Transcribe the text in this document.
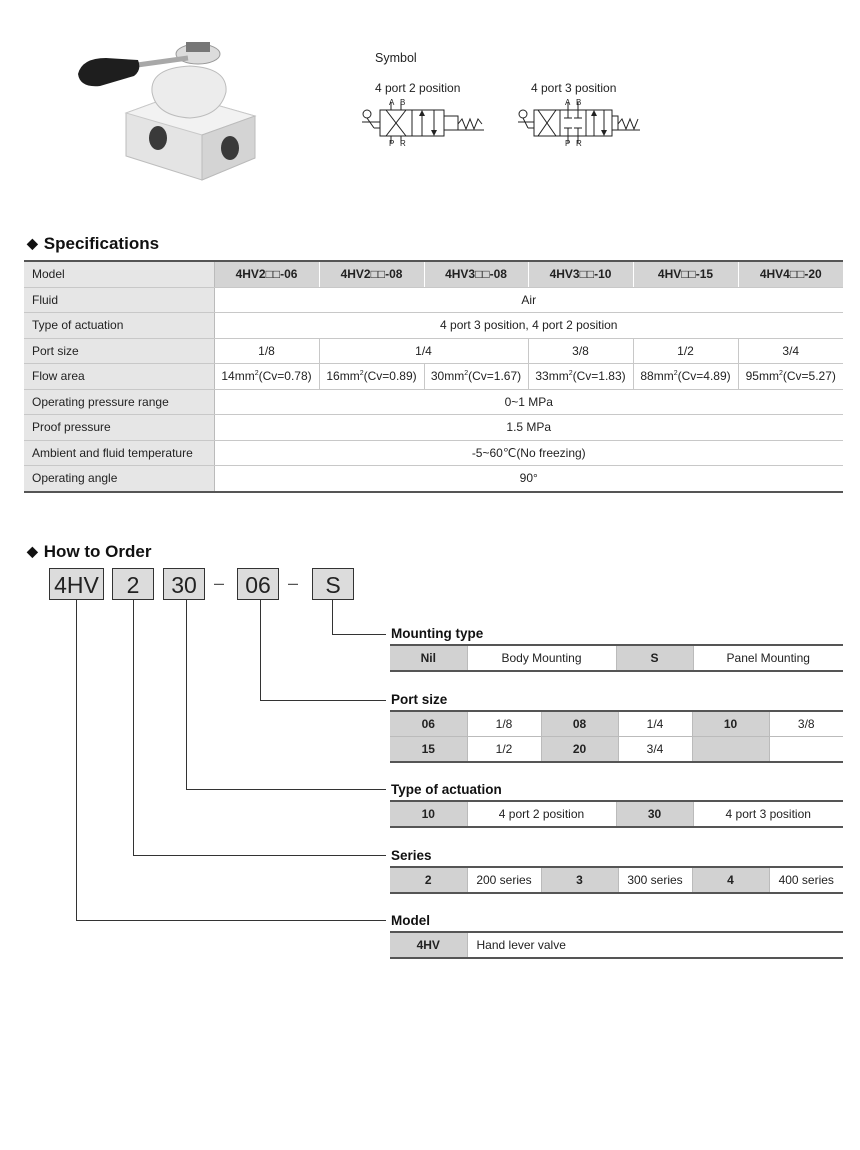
Symbol
4 port 2 position	4 port 3 position
A B
P R
A B
P R
◆ Specifications
Model	4HV2□□-06	4HV2□□-08	4HV3□□-08	4HV3□□-10	4HV□□-15	4HV4□□-20
Fluid	Air					
Type of actuation	4 port 3 position, 4 port 2 position					
Port size	1/8	1/4		3/8	1/2	3/4
Flow area	$14mm^2(Cv=0.78)$	$16mm^2(Cv=0.89)$	$30mm^2(Cv=1.67)$	$33mm^2(Cv=1.83)$	$88mm^2(Cv=4.89)$	$95mm^2(Cv=5.27)$
Operating pressure range	0~1 MPa					
Proof pressure	1.5 MPa					
Ambient and fluid temperature	-5~60℃(No freezing)					
Operating angle	90°					
◆ How to Order
4HV	2	30 – 06 –	S
Mounting type
Nil	Body Mounting	S	Panel Mounting
Port size
06	1/8	08	1/4	10	3/8
15	1/2	20	3/4		
Type of actuation
10	4 port 2 position	30	4 port 3 position
Series
2	200 series	3	300 series	4	400 series
Model
4HV	Hand lever valve
